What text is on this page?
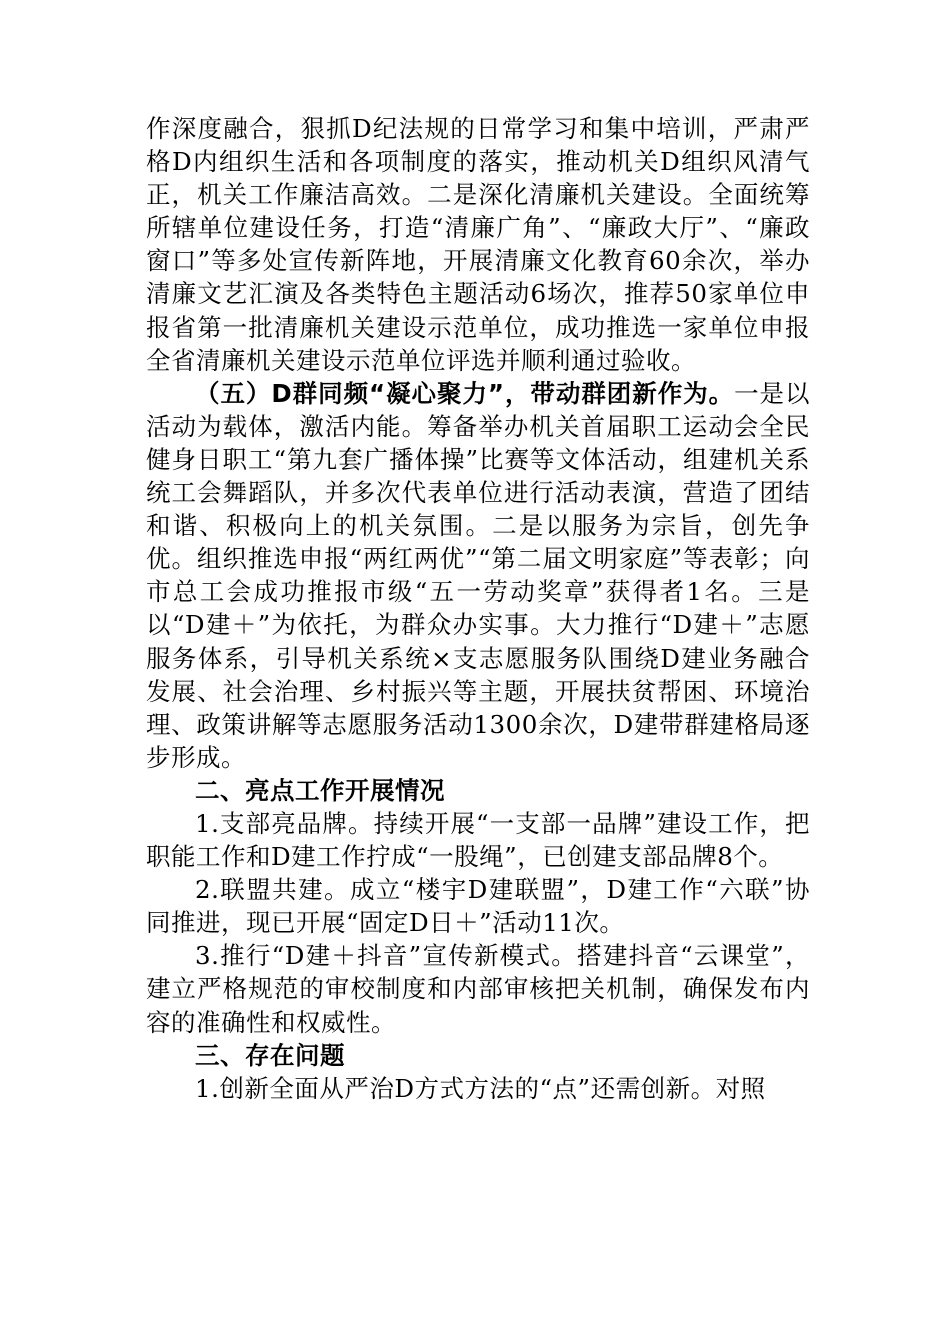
作深度融合，狠抓D纪法规的日常学习和集中培训，严肃严格D内组织生活和各项制度的落实，推动机关D组织风清气正，机关工作廉洁高效。二是深化清廉机关建设。全面统筹所辖单位建设任务，打造“清廉广角”、“廉政大厅”、“廉政窗口”等多处宣传新阵地，开展清廉文化教育60余次，举办清廉文艺汇演及各类特色主题活动6场次，推荐50家单位申报省第一批清廉机关建设示范单位，成功推选一家单位申报全省清廉机关建设示范单位评选并顺利通过验收。

（五）D群同频“凝心聚力”，带动群团新作为。一是以活动为载体，激活内能。筹备举办机关首届职工运动会全民健身日职工“第九套广播体操”比赛等文体活动，组建机关系统工会舞蹈队，并多次代表单位进行活动表演，营造了团结和谐、积极向上的机关氛围。二是以服务为宗旨，创先争优。组织推选申报“两红两优”“第二届文明家庭”等表彰；向市总工会成功推报市级“五一劳动奖章”获得者1名。三是以“D建＋”为依托，为群众办实事。大力推行“D建＋”志愿服务体系，引导机关系统×支志愿服务队围绕D建业务融合发展、社会治理、乡村振兴等主题，开展扶贫帮困、环境治理、政策讲解等志愿服务活动1300余次，D建带群建格局逐步形成。

二、亮点工作开展情况

1.支部亮品牌。持续开展“一支部一品牌”建设工作，把职能工作和D建工作拧成“一股绳”，已创建支部品牌8个。

2.联盟共建。成立“楼宇D建联盟”，D建工作“六联”协同推进，现已开展“固定D日＋”活动11次。

3.推行“D建＋抖音”宣传新模式。搭建抖音“云课堂”，建立严格规范的审校制度和内部审核把关机制，确保发布内容的准确性和权威性。

三、存在问题

1.创新全面从严治D方式方法的“点”还需创新。对照
